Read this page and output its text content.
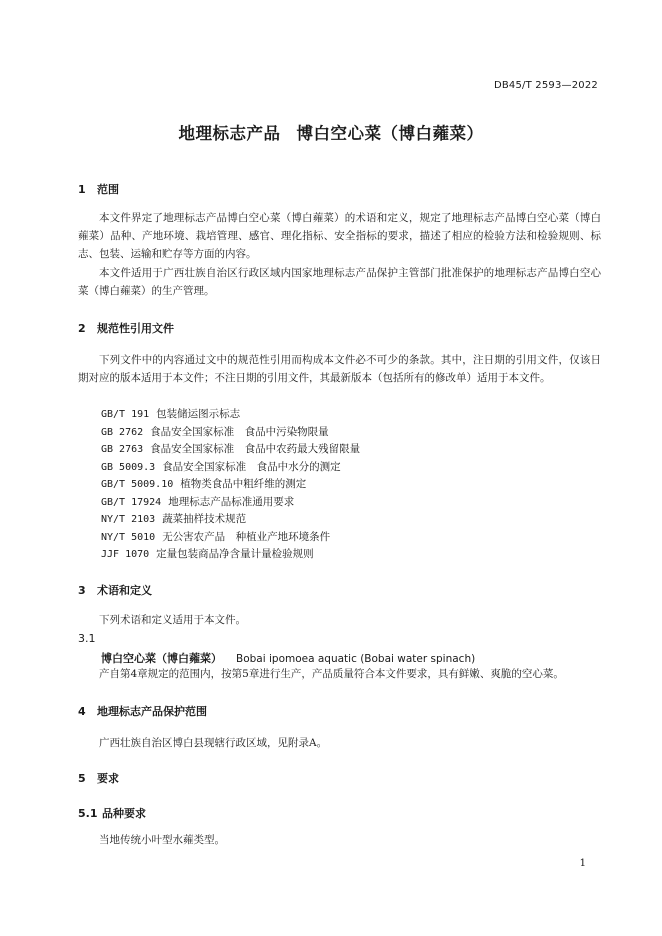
DB45/T 2593—2022
地理标志产品 博白空心菜（博白蕹菜）
1 范围
本文件界定了地理标志产品博白空心菜（博白蕹菜）的术语和定义，规定了地理标志产品博白空心菜（博白蕹菜）品种、产地环境、栽培管理、感官、理化指标、安全指标的要求，描述了相应的检验方法和检验规则、标志、包装、运输和贮存等方面的内容。
本文件适用于广西壮族自治区行政区域内国家地理标志产品保护主管部门批准保护的地理标志产品博白空心菜（博白蕹菜）的生产管理。
2 规范性引用文件
下列文件中的内容通过文中的规范性引用而构成本文件必不可少的条款。其中，注日期的引用文件，仅该日期对应的版本适用于本文件；不注日期的引用文件，其最新版本（包括所有的修改单）适用于本文件。
GB/T 191 包装储运图示标志
GB 2762 食品安全国家标准　食品中污染物限量
GB 2763 食品安全国家标准　食品中农药最大残留限量
GB 5009.3 食品安全国家标准　食品中水分的测定
GB/T 5009.10 植物类食品中粗纤维的测定
GB/T 17924 地理标志产品标准通用要求
NY/T 2103 蔬菜抽样技术规范
NY/T 5010 无公害农产品　种植业产地环境条件
JJF 1070 定量包装商品净含量计量检验规则
3 术语和定义
下列术语和定义适用于本文件。
3.1
博白空心菜（博白蕹菜） Bobai ipomoea aquatic (Bobai water spinach)
产自第4章规定的范围内，按第5章进行生产，产品质量符合本文件要求，具有鲜嫩、爽脆的空心菜。
4 地理标志产品保护范围
广西壮族自治区博白县现辖行政区域，见附录A。
5 要求
5.1 品种要求
当地传统小叶型水蕹类型。
1
